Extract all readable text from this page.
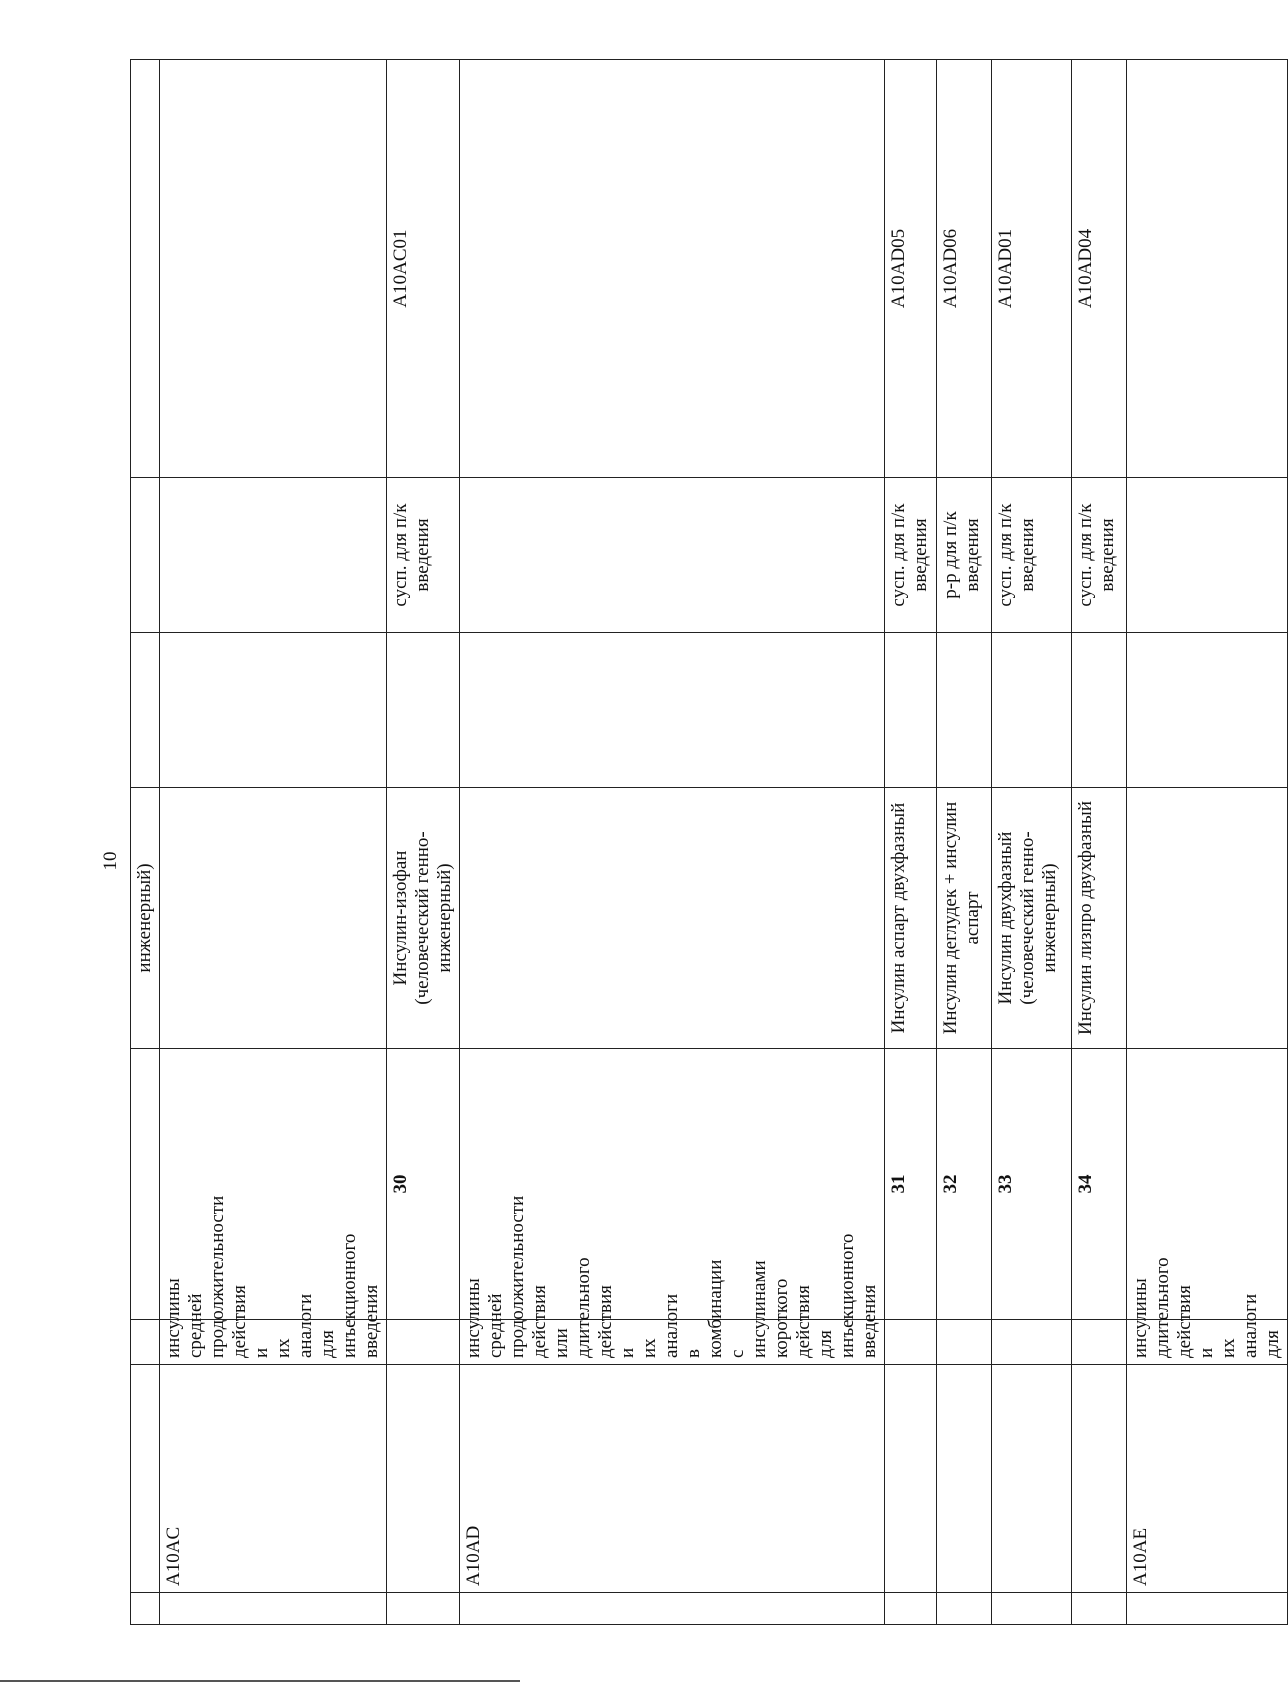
10
				инженерный)			
	A10AC	инсулины средней продолжительности действия и их аналоги для инъекционного введения					
			30	Инсулин-изофан (человеческий генно-инженерный)		сусп. для п/к введения	A10AC01
	A10AD	инсулины средней продолжительности действия или длительного действия и их аналоги в комбинации с инсулинами короткого действия для инъекционного введения					
			31	Инсулин аспарт двухфазный		сусп. для п/к введения	A10AD05
			32	Инсулин деглудек + инсулин аспарт		р-р для п/к введения	A10AD06
			33	Инсулин двухфазный (человеческий генно-инженерный)		сусп. для п/к введения	A10AD01
			34	Инсулин лизпро двухфазный		сусп. для п/к введения	A10AD04
	A10AE	инсулины длительного действия и их аналоги для					
